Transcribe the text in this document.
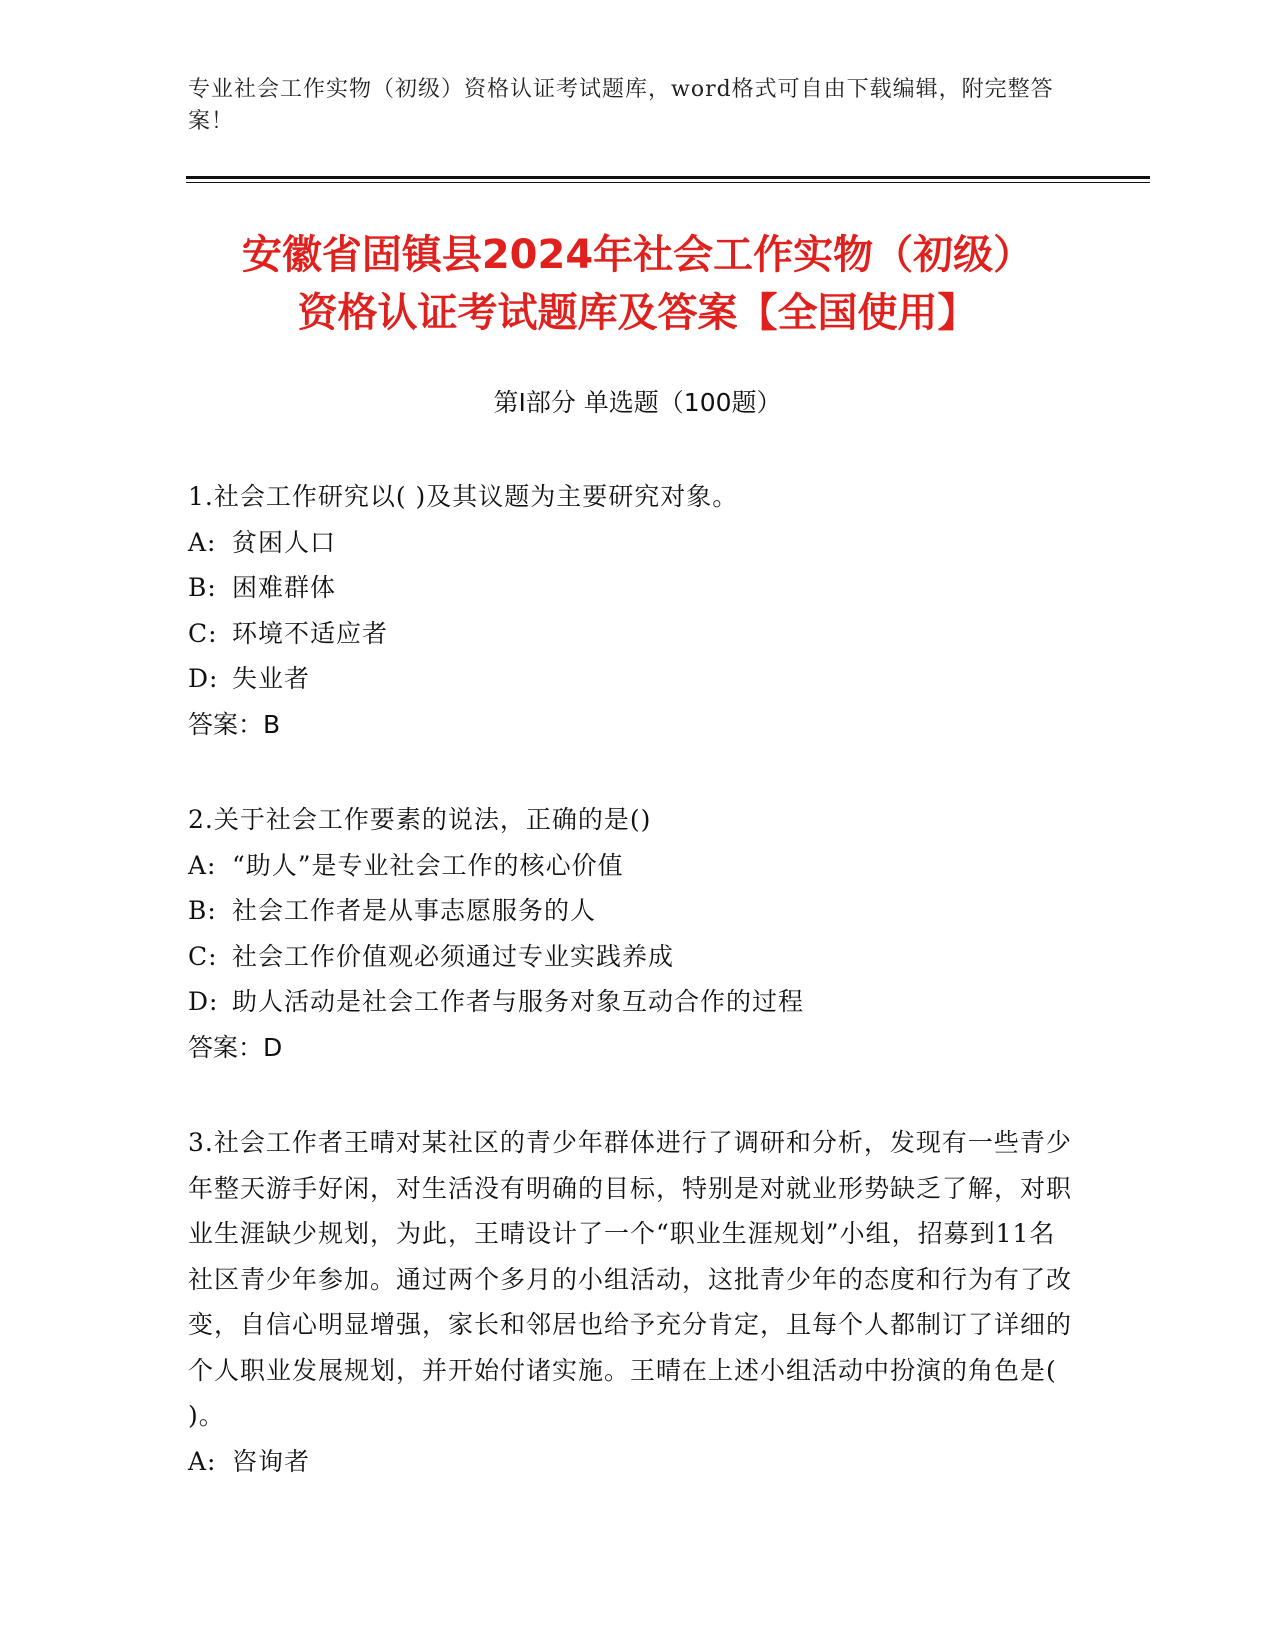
专业社会工作实物（初级）资格认证考试题库，word格式可自由下载编辑，附完整答案！
安徽省固镇县2024年社会工作实物（初级）
资格认证考试题库及答案【全国使用】
第Ⅰ部分 单选题（100题）
1.社会工作研究以( )及其议题为主要研究对象。
A: 贫困人口
B: 困难群体
C: 环境不适应者
D: 失业者
答案：B
2.关于社会工作要素的说法，正确的是()
A: “助人”是专业社会工作的核心价值
B: 社会工作者是从事志愿服务的人
C: 社会工作价值观必须通过专业实践养成
D: 助人活动是社会工作者与服务对象互动合作的过程
答案：D
3.社会工作者王晴对某社区的青少年群体进行了调研和分析，发现有一些青少年整天游手好闲，对生活没有明确的目标，特别是对就业形势缺乏了解，对职业生涯缺少规划，为此，王晴设计了一个“职业生涯规划”小组，招募到11名社区青少年参加。通过两个多月的小组活动，这批青少年的态度和行为有了改变，自信心明显增强，家长和邻居也给予充分肯定，且每个人都制订了详细的个人职业发展规划，并开始付诸实施。王晴在上述小组活动中扮演的角色是( )。
A: 咨询者
